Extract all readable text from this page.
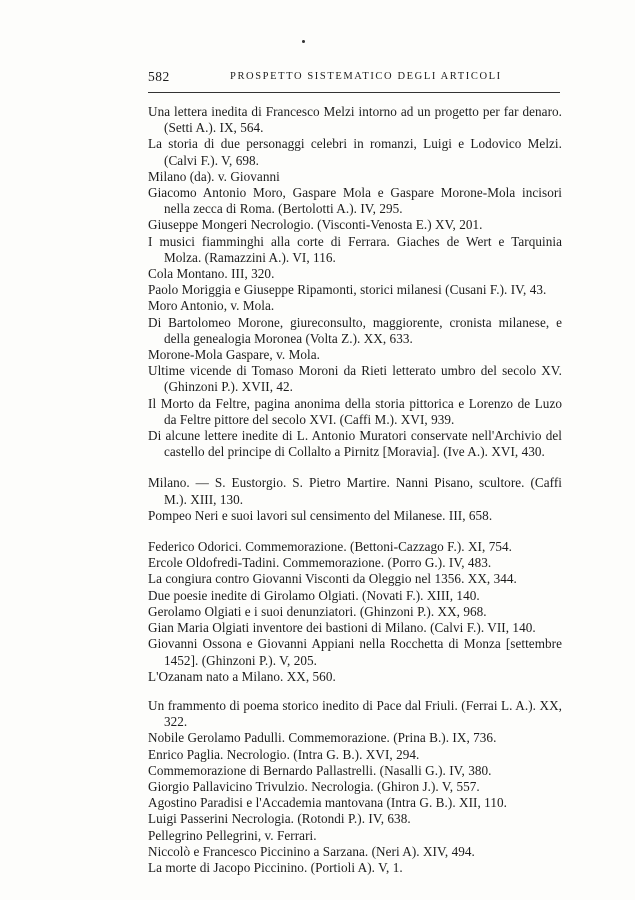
582	PROSPETTO SISTEMATICO DEGLI ARTICOLI

Una lettera inedita di Francesco Melzi intorno ad un progetto per far denaro. (Setti A.). IX, 564.

La storia di due personaggi celebri in romanzi, Luigi e Lodovico Melzi. (Calvi F.). V, 698.

Milano (da). v. Giovanni

Giacomo Antonio Moro, Gaspare Mola e Gaspare Morone-Mola incisori nella zecca di Roma. (Bertolotti A.). IV, 295.

Giuseppe Mongeri Necrologio. (Visconti-Venosta E.) XV, 201.

I musici fiamminghi alla corte di Ferrara. Giaches de Wert e Tarquinia Molza. (Ramazzini A.). VI, 116.

Cola Montano. III, 320.

Paolo Moriggia e Giuseppe Ripamonti, storici milanesi (Cusani F.). IV, 43.

Moro Antonio, v. Mola.

Di Bartolomeo Morone, giureconsulto, maggiorente, cronista milanese, e della genealogia Moronea (Volta Z.). XX, 633.

Morone-Mola Gaspare, v. Mola.

Ultime vicende di Tomaso Moroni da Rieti letterato umbro del secolo XV. (Ghinzoni P.). XVII, 42.

Il Morto da Feltre, pagina anonima della storia pittorica e Lorenzo de Luzo da Feltre pittore del secolo XVI. (Caffi M.). XVI, 939.

Di alcune lettere inedite di L. Antonio Muratori conservate nell'Archivio del castello del principe di Collalto a Pirnitz [Moravia]. (Ive A.). XVI, 430.

Milano. — S. Eustorgio. S. Pietro Martire. Nanni Pisano, scultore. (Caffi M.). XIII, 130.

Pompeo Neri e suoi lavori sul censimento del Milanese. III, 658.

Federico Odorici. Commemorazione. (Bettoni-Cazzago F.). XI, 754.

Ercole Oldofredi-Tadini. Commemorazione. (Porro G.). IV, 483.

La congiura contro Giovanni Visconti da Oleggio nel 1356. XX, 344.

Due poesie inedite di Girolamo Olgiati. (Novati F.). XIII, 140.

Gerolamo Olgiati e i suoi denunziatori. (Ghinzoni P.). XX, 968.

Gian Maria Olgiati inventore dei bastioni di Milano. (Calvi F.). VII, 140.

Giovanni Ossona e Giovanni Appiani nella Rocchetta di Monza [settembre 1452]. (Ghinzoni P.). V, 205.

L'Ozanam nato a Milano. XX, 560.

Un frammento di poema storico inedito di Pace dal Friuli. (Ferrai L. A.). XX, 322.

Nobile Gerolamo Padulli. Commemorazione. (Prina B.). IX, 736.

Enrico Paglia. Necrologio. (Intra G. B.). XVI, 294.

Commemorazione di Bernardo Pallastrelli. (Nasalli G.). IV, 380.

Giorgio Pallavicino Trivulzio. Necrologia. (Ghiron J.). V, 557.

Agostino Paradisi e l'Accademia mantovana (Intra G. B.). XII, 110.

Luigi Passerini Necrologia. (Rotondi P.). IV, 638.

Pellegrino Pellegrini, v. Ferrari.

Niccolò e Francesco Piccinino a Sarzana. (Neri A). XIV, 494.

La morte di Jacopo Piccinino. (Portioli A). V, 1.
